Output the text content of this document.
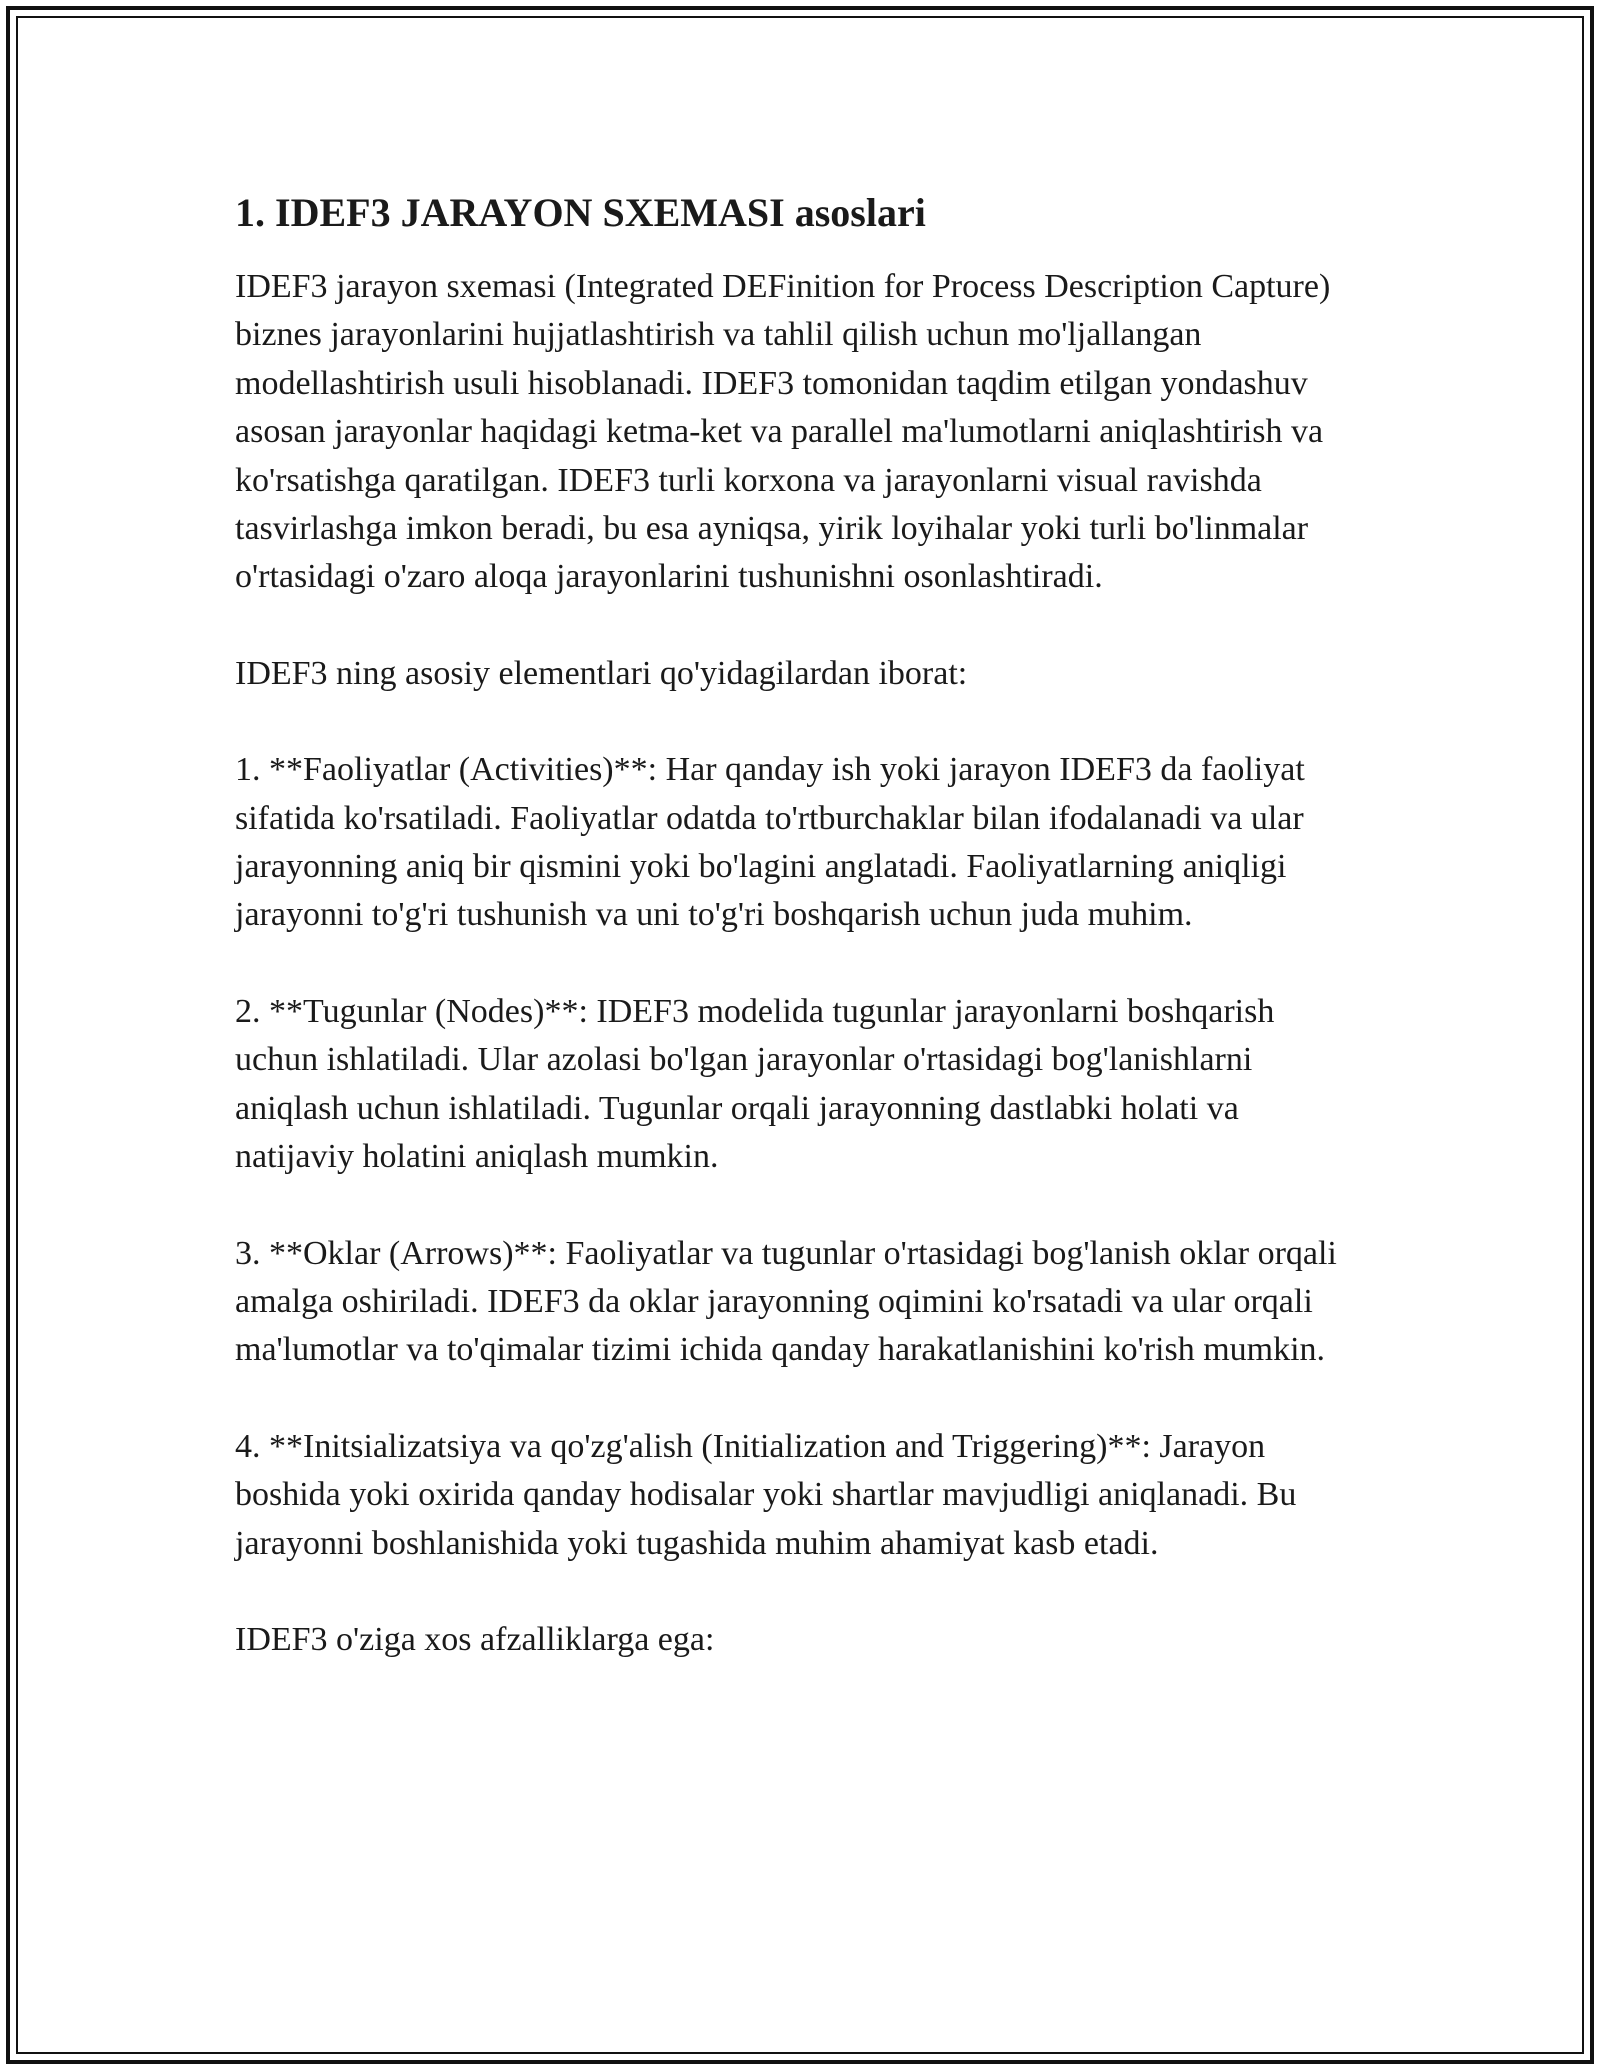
1. IDEF3 JARAYON SXEMASI asoslari

IDEF3 jarayon sxemasi (Integrated DEFinition for Process Description Capture) biznes jarayonlarini hujjatlashtirish va tahlil qilish uchun mo'ljallangan modellashtirish usuli hisoblanadi. IDEF3 tomonidan taqdim etilgan yondashuv asosan jarayonlar haqidagi ketma-ket va parallel ma'lumotlarni aniqlashtirish va ko'rsatishga qaratilgan. IDEF3 turli korxona va jarayonlarni visual ravishda tasvirlashga imkon beradi, bu esa ayniqsa, yirik loyihalar yoki turli bo'linmalar o'rtasidagi o'zaro aloqa jarayonlarini tushunishni osonlashtiradi.

IDEF3 ning asosiy elementlari qo'yidagilardan iborat:

1. **Faoliyatlar (Activities)**: Har qanday ish yoki jarayon IDEF3 da faoliyat sifatida ko'rsatiladi. Faoliyatlar odatda to'rtburchaklar bilan ifodalanadi va ular jarayonning aniq bir qismini yoki bo'lagini anglatadi. Faoliyatlarning aniqligi jarayonni to'g'ri tushunish va uni to'g'ri boshqarish uchun juda muhim.

2. **Tugunlar (Nodes)**: IDEF3 modelida tugunlar jarayonlarni boshqarish uchun ishlatiladi. Ular azolasi bo'lgan jarayonlar o'rtasidagi bog'lanishlarni aniqlash uchun ishlatiladi. Tugunlar orqali jarayonning dastlabki holati va natijaviy holatini aniqlash mumkin.

3. **Oklar (Arrows)**: Faoliyatlar va tugunlar o'rtasidagi bog'lanish oklar orqali amalga oshiriladi. IDEF3 da oklar jarayonning oqimini ko'rsatadi va ular orqali ma'lumotlar va to'qimalar tizimi ichida qanday harakatlanishini ko'rish mumkin.

4. **Initsializatsiya va qo'zg'alish (Initialization and Triggering)**: Jarayon boshida yoki oxirida qanday hodisalar yoki shartlar mavjudligi aniqlanadi. Bu jarayonni boshlanishida yoki tugashida muhim ahamiyat kasb etadi.

IDEF3 o'ziga xos afzalliklarga ega:
